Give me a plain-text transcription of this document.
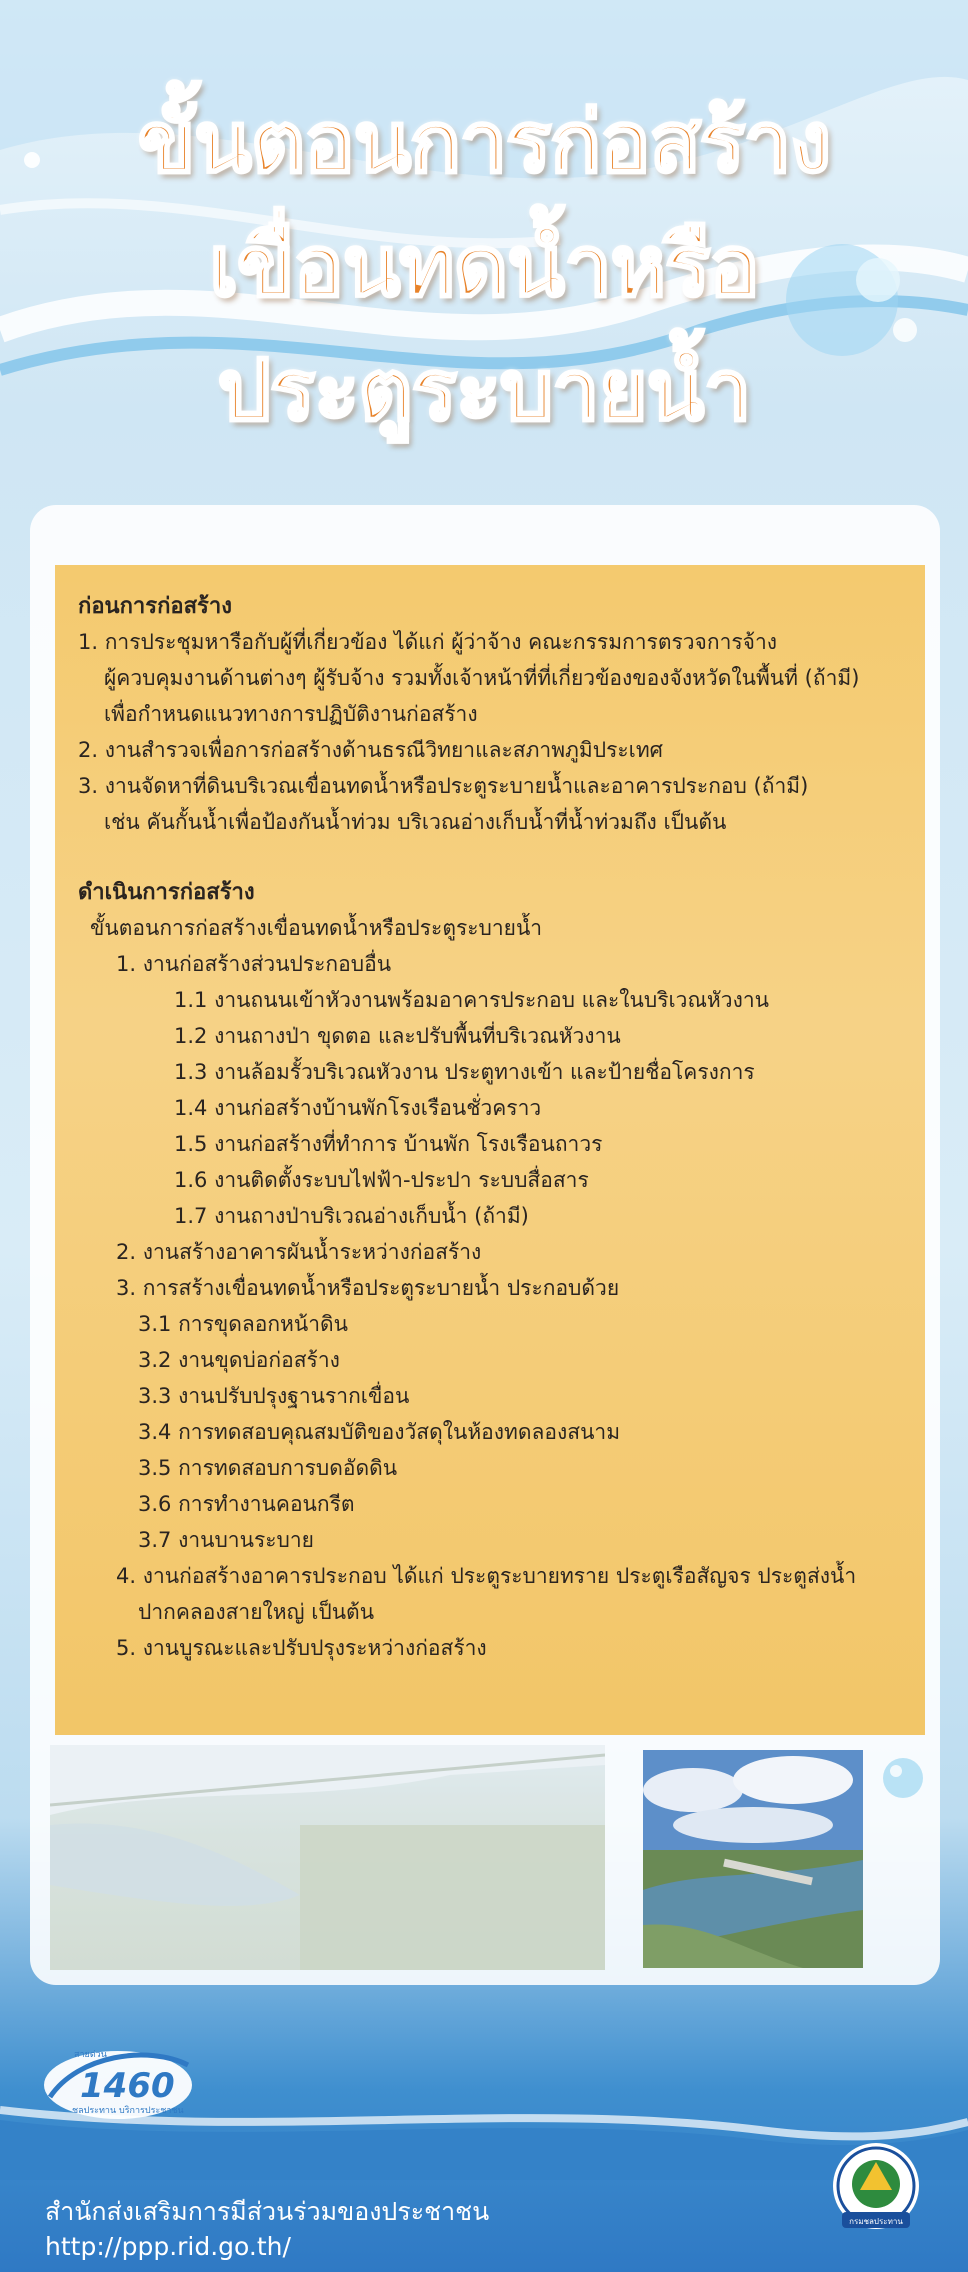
ขั้นตอนการก่อสร้าง
เขื่อนทดน้ำหรือ
ประตูระบายน้ำ

ก่อนการก่อสร้าง

1. การประชุมหารือกับผู้ที่เกี่ยวข้อง ได้แก่ ผู้ว่าจ้าง คณะกรรมการตรวจการจ้าง

ผู้ควบคุมงานด้านต่างๆ ผู้รับจ้าง รวมทั้งเจ้าหน้าที่ที่เกี่ยวข้องของจังหวัดในพื้นที่ (ถ้ามี)

เพื่อกำหนดแนวทางการปฏิบัติงานก่อสร้าง

2. งานสำรวจเพื่อการก่อสร้างด้านธรณีวิทยาและสภาพภูมิประเทศ

3. งานจัดหาที่ดินบริเวณเขื่อนทดน้ำหรือประตูระบายน้ำและอาคารประกอบ (ถ้ามี)

เช่น คันกั้นน้ำเพื่อป้องกันน้ำท่วม บริเวณอ่างเก็บน้ำที่น้ำท่วมถึง เป็นต้น

ดำเนินการก่อสร้าง

ขั้นตอนการก่อสร้างเขื่อนทดน้ำหรือประตูระบายน้ำ

1. งานก่อสร้างส่วนประกอบอื่น

1.1 งานถนนเข้าหัวงานพร้อมอาคารประกอบ และในบริเวณหัวงาน

1.2 งานถางป่า ขุดตอ และปรับพื้นที่บริเวณหัวงาน

1.3 งานล้อมรั้วบริเวณหัวงาน ประตูทางเข้า และป้ายชื่อโครงการ

1.4 งานก่อสร้างบ้านพักโรงเรือนชั่วคราว

1.5 งานก่อสร้างที่ทำการ บ้านพัก โรงเรือนถาวร

1.6 งานติดตั้งระบบไฟฟ้า-ประปา ระบบสื่อสาร

1.7 งานถางป่าบริเวณอ่างเก็บน้ำ (ถ้ามี)

2. งานสร้างอาคารผันน้ำระหว่างก่อสร้าง

3. การสร้างเขื่อนทดน้ำหรือประตูระบายน้ำ ประกอบด้วย

3.1 การขุดลอกหน้าดิน

3.2 งานขุดบ่อก่อสร้าง

3.3 งานปรับปรุงฐานรากเขื่อน

3.4 การทดสอบคุณสมบัติของวัสดุในห้องทดลองสนาม

3.5 การทดสอบการบดอัดดิน

3.6 การทำงานคอนกรีต

3.7 งานบานระบาย

4. งานก่อสร้างอาคารประกอบ ได้แก่ ประตูระบายทราย ประตูเรือสัญจร ประตูส่งน้ำ

ปากคลองสายใหญ่ เป็นต้น

5. งานบูรณะและปรับปรุงระหว่างก่อสร้าง

สายด่วน
1460
ชลประทาน บริการประชาชน
สำนักส่งเสริมการมีส่วนร่วมของประชาชน
http://ppp.rid.go.th/
กรมชลประทาน
